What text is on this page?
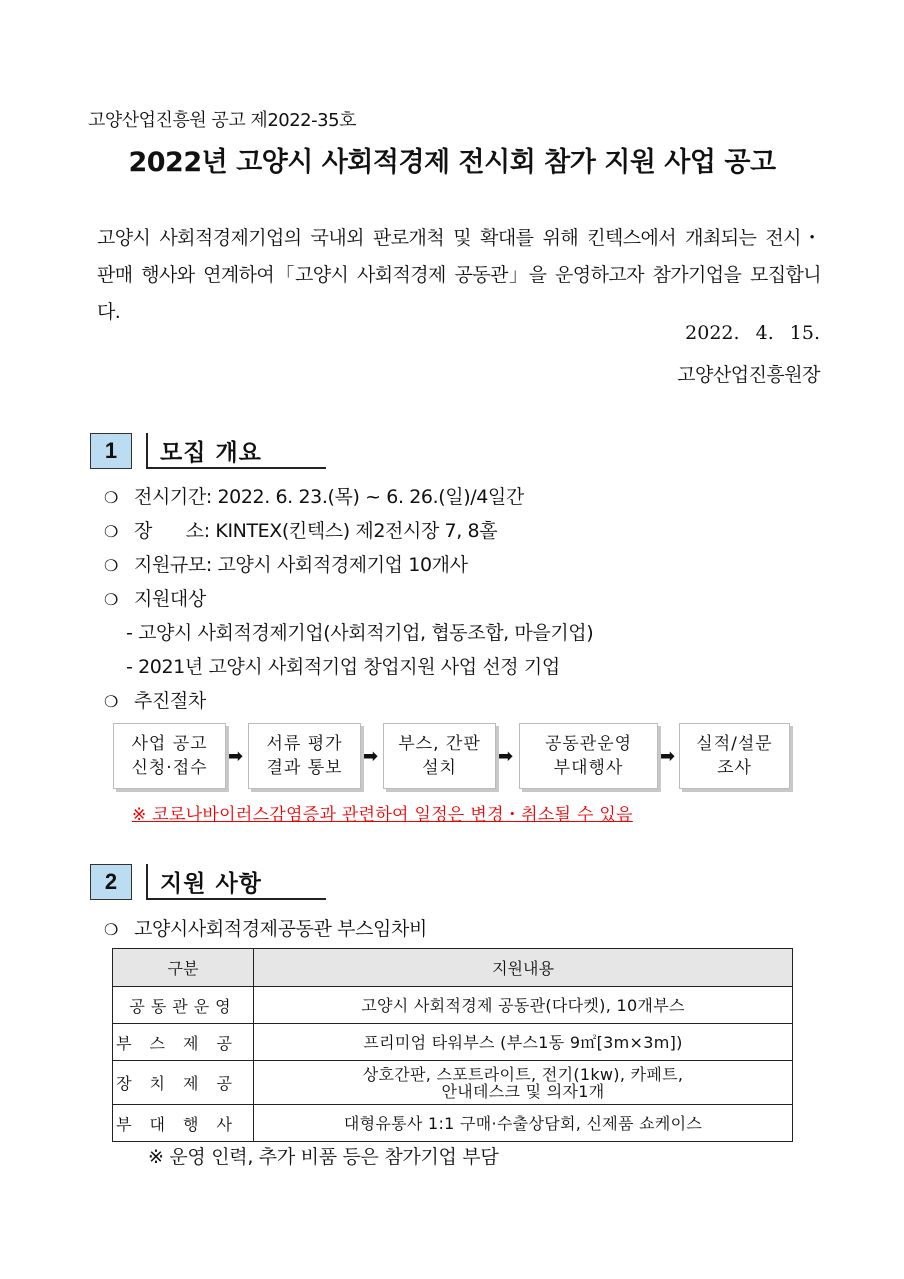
고양산업진흥원 공고 제2022-35호
2022년 고양시 사회적경제 전시회 참가 지원 사업 공고
고양시 사회적경제기업의 국내외 판로개척 및 확대를 위해 킨텍스에서 개최되는 전시・판매 행사와 연계하여「고양시 사회적경제 공동관」을 운영하고자 참가기업을 모집합니다.
2022. 4. 15.
고양산업진흥원장
1	모집 개요
❍ 전시기간: 2022. 6. 23.(목) ~ 6. 26.(일)/4일간
❍ 장      소: KINTEX(킨텍스) 제2전시장 7, 8홀
❍ 지원규모: 고양시 사회적경제기업 10개사
❍ 지원대상
- 고양시 사회적경제기업(사회적기업, 협동조합, 마을기업)
- 2021년 고양시 사회적기업 창업지원 사업 선정 기업
❍ 추진절차
사업 공고
신청·접수
➡
서류 평가
결과 통보
➡
부스, 간판
설치
➡
공동관운영
부대행사
➡
실적/설문
조사
※ 코로나바이러스감염증과 관련하여 일정은 변경・취소될 수 있음
2	지원 사항
❍ 고양시사회적경제공동관 부스임차비
구분	지원내용
공동관운영	고양시 사회적경제 공동관(다다켓), 10개부스
부스제공	프리미엄 타워부스 (부스1동 9㎡[3m×3m])
장치제공	상호간판, 스포트라이트, 전기(1kw), 카페트,
안내데스크 및 의자1개

부대행사	대형유통사 1:1 구매·수출상담회, 신제품 쇼케이스
※ 운영 인력, 추가 비품 등은 참가기업 부담
